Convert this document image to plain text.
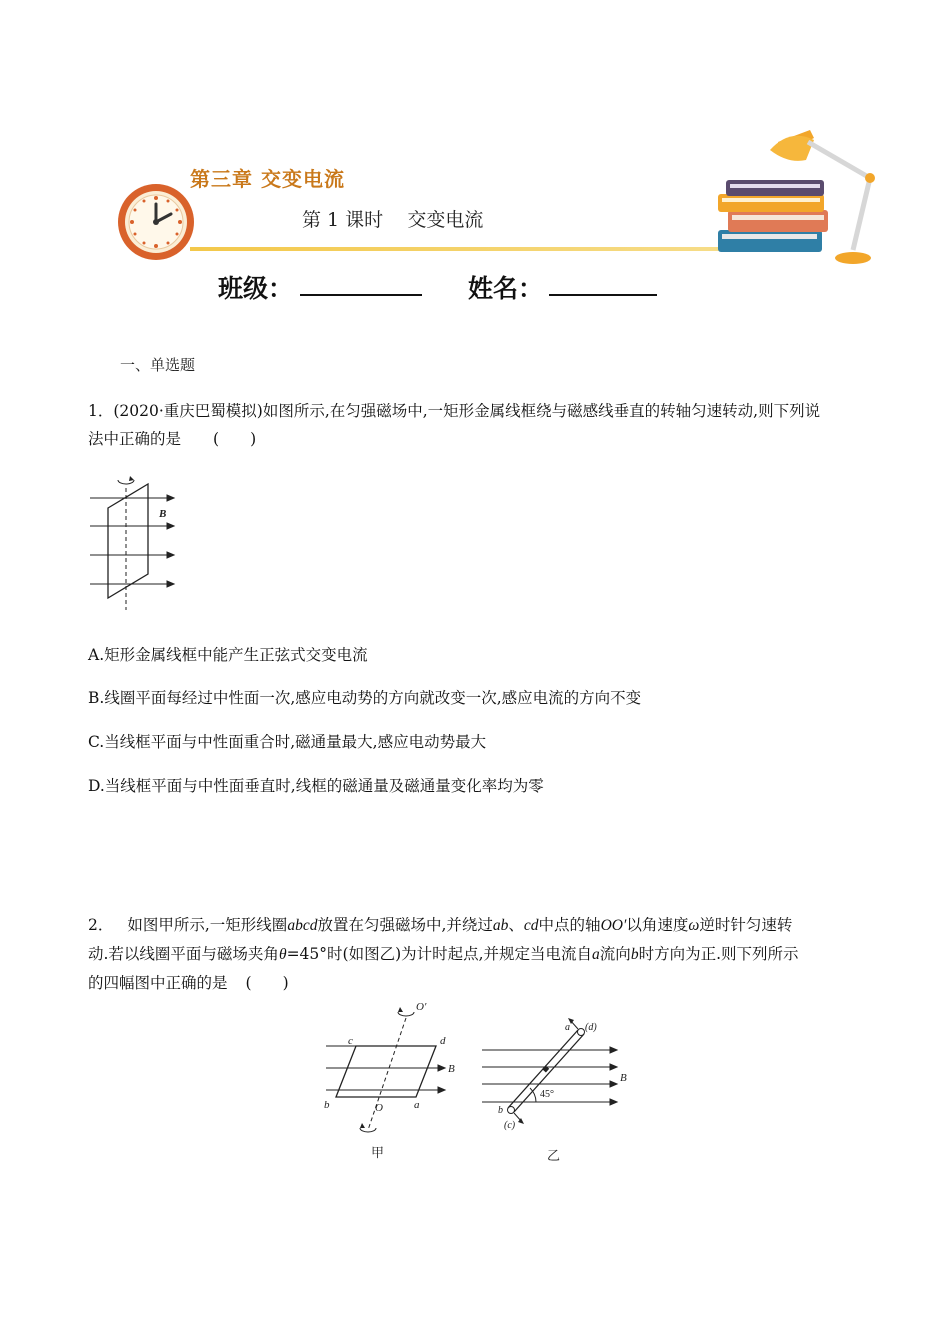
第三章 交变电流
第 1 课时    交变电流
班级：	姓名：
一、单选题
1．(2020·重庆巴蜀模拟)如图所示,在匀强磁场中,一矩形金属线框绕与磁感线垂直的转轴匀速转动,则下列说
法中正确的是 (　　)
B
A.矩形金属线框中能产生正弦式交变电流
B.线圈平面每经过中性面一次,感应电动势的方向就改变一次,感应电流的方向不变
C.当线框平面与中性面重合时,磁通量最大,感应电动势最大
D.当线框平面与中性面垂直时,线框的磁通量及磁通量变化率均为零
2． 如图甲所示,一矩形线圈abcd放置在匀强磁场中,并绕过ab、cd中点的轴OO′以角速度ω逆时针匀速转
动.若以线圈平面与磁场夹角θ=45°时(如图乙)为计时起点,并规定当电流自a流向b时方向为正.则下列所示
的四幅图中正确的是 (　　)
O′
c	d
B
b	O	a
甲
a (d)
B
45°
b
(c)
乙
